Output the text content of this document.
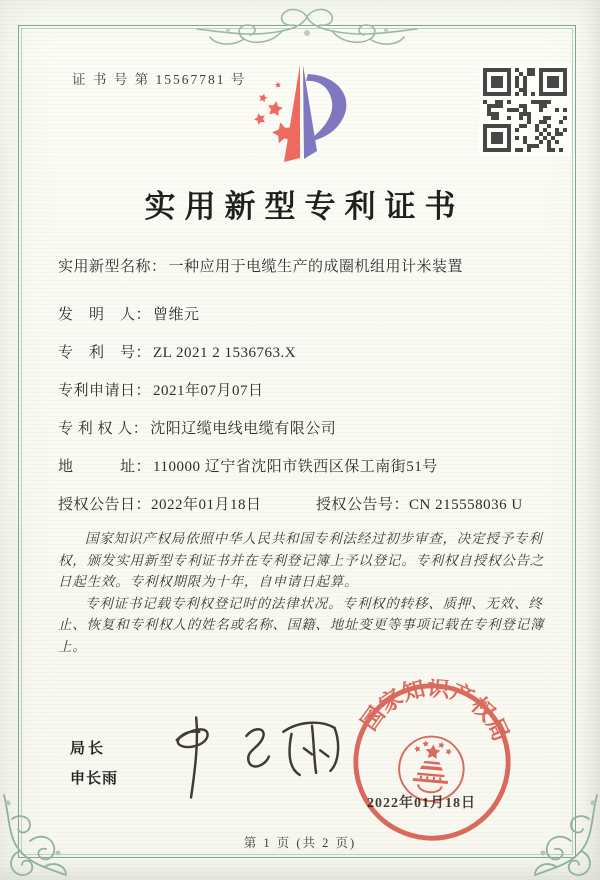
证 书 号 第 15567781 号
实用新型专利证书
实用新型名称： 一种应用于电缆生产的成圈机组用计米装置
发　明　人： 曾维元
专　利　号： ZL 2021 2 1536763.X
专利申请日： 2021年07月07日
专 利 权 人： 沈阳辽缆电线电缆有限公司
地　　　址： 110000 辽宁省沈阳市铁西区保工南街51号
授权公告日：2022年01月18日	授权公告号：CN 215558036 U

国家知识产权局依照中华人民共和国专利法经过初步审查，决定授予专利权，颁发实用新型专利证书并在专利登记簿上予以登记。专利权自授权公告之日起生效。专利权期限为十年，自申请日起算。

专利证书记载专利权登记时的法律状况。专利权的转移、质押、无效、终止、恢复和专利权人的姓名或名称、国籍、地址变更等事项记载在专利登记簿上。

局长
申长雨
2022年01月18日
国家知识产权局
第 1 页 (共 2 页)
